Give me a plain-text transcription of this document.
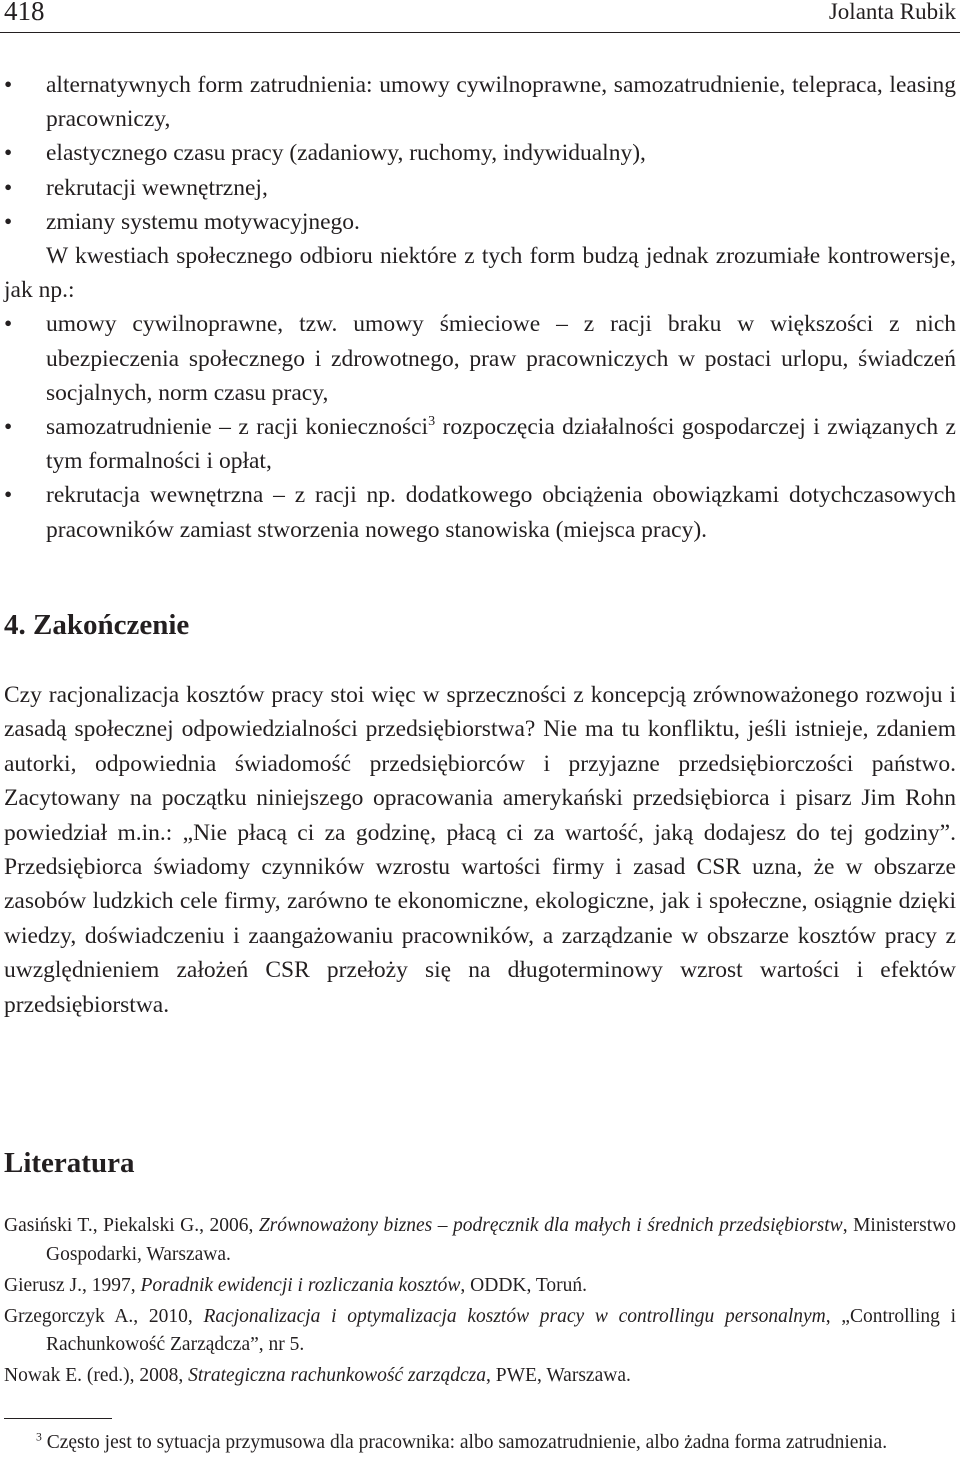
418	Jolanta Rubik
• alternatywnych form zatrudnienia: umowy cywilnoprawne, samozatrudnienie, telepraca, leasing pracowniczy,
• elastycznego czasu pracy (zadaniowy, ruchomy, indywidualny),
• rekrutacji wewnętrznej,
• zmiany systemu motywacyjnego.
W kwestiach społecznego odbioru niektóre z tych form budzą jednak zrozumiałe kontrowersje, jak np.:
• umowy cywilnoprawne, tzw. umowy śmieciowe – z racji braku w większości z nich ubezpieczenia społecznego i zdrowotnego, praw pracowniczych w postaci urlopu, świadczeń socjalnych, norm czasu pracy,
• samozatrudnienie – z racji konieczności$^3$ rozpoczęcia działalności gospodarczej i związanych z tym formalności i opłat,
• rekrutacja wewnętrzna – z racji np. dodatkowego obciążenia obowiązkami dotychczasowych pracowników zamiast stworzenia nowego stanowiska (miejsca pracy).
4. Zakończenie
Czy racjonalizacja kosztów pracy stoi więc w sprzeczności z koncepcją zrównoważonego rozwoju i zasadą społecznej odpowiedzialności przedsiębiorstwa? Nie ma tu konfliktu, jeśli istnieje, zdaniem autorki, odpowiednia świadomość przedsiębiorców i przyjazne przedsiębiorczości państwo. Zacytowany na początku niniejszego opracowania amerykański przedsiębiorca i pisarz Jim Rohn powiedział m.in.: „Nie płacą ci za godzinę, płacą ci za wartość, jaką dodajesz do tej godziny”. Przedsiębiorca świadomy czynników wzrostu wartości firmy i zasad CSR uzna, że w obszarze zasobów ludzkich cele firmy, zarówno te ekonomiczne, ekologiczne, jak i społeczne, osiągnie dzięki wiedzy, doświadczeniu i zaangażowaniu pracowników, a zarządzanie w obszarze kosztów pracy z uwzględnieniem założeń CSR przełoży się na długoterminowy wzrost wartości i efektów przedsiębiorstwa.
Literatura
Gasiński T., Piekalski G., 2006, Zrównoważony biznes – podręcznik dla małych i średnich przedsiębiorstw, Ministerstwo Gospodarki, Warszawa.
Gierusz J., 1997, Poradnik ewidencji i rozliczania kosztów, ODDK, Toruń.
Grzegorczyk A., 2010, Racjonalizacja i optymalizacja kosztów pracy w controllingu personalnym, „Controlling i Rachunkowość Zarządcza”, nr 5.
Nowak E. (red.), 2008, Strategiczna rachunkowość zarządcza, PWE, Warszawa.
$^3$ Często jest to sytuacja przymusowa dla pracownika: albo samozatrudnienie, albo żadna forma zatrudnienia.
